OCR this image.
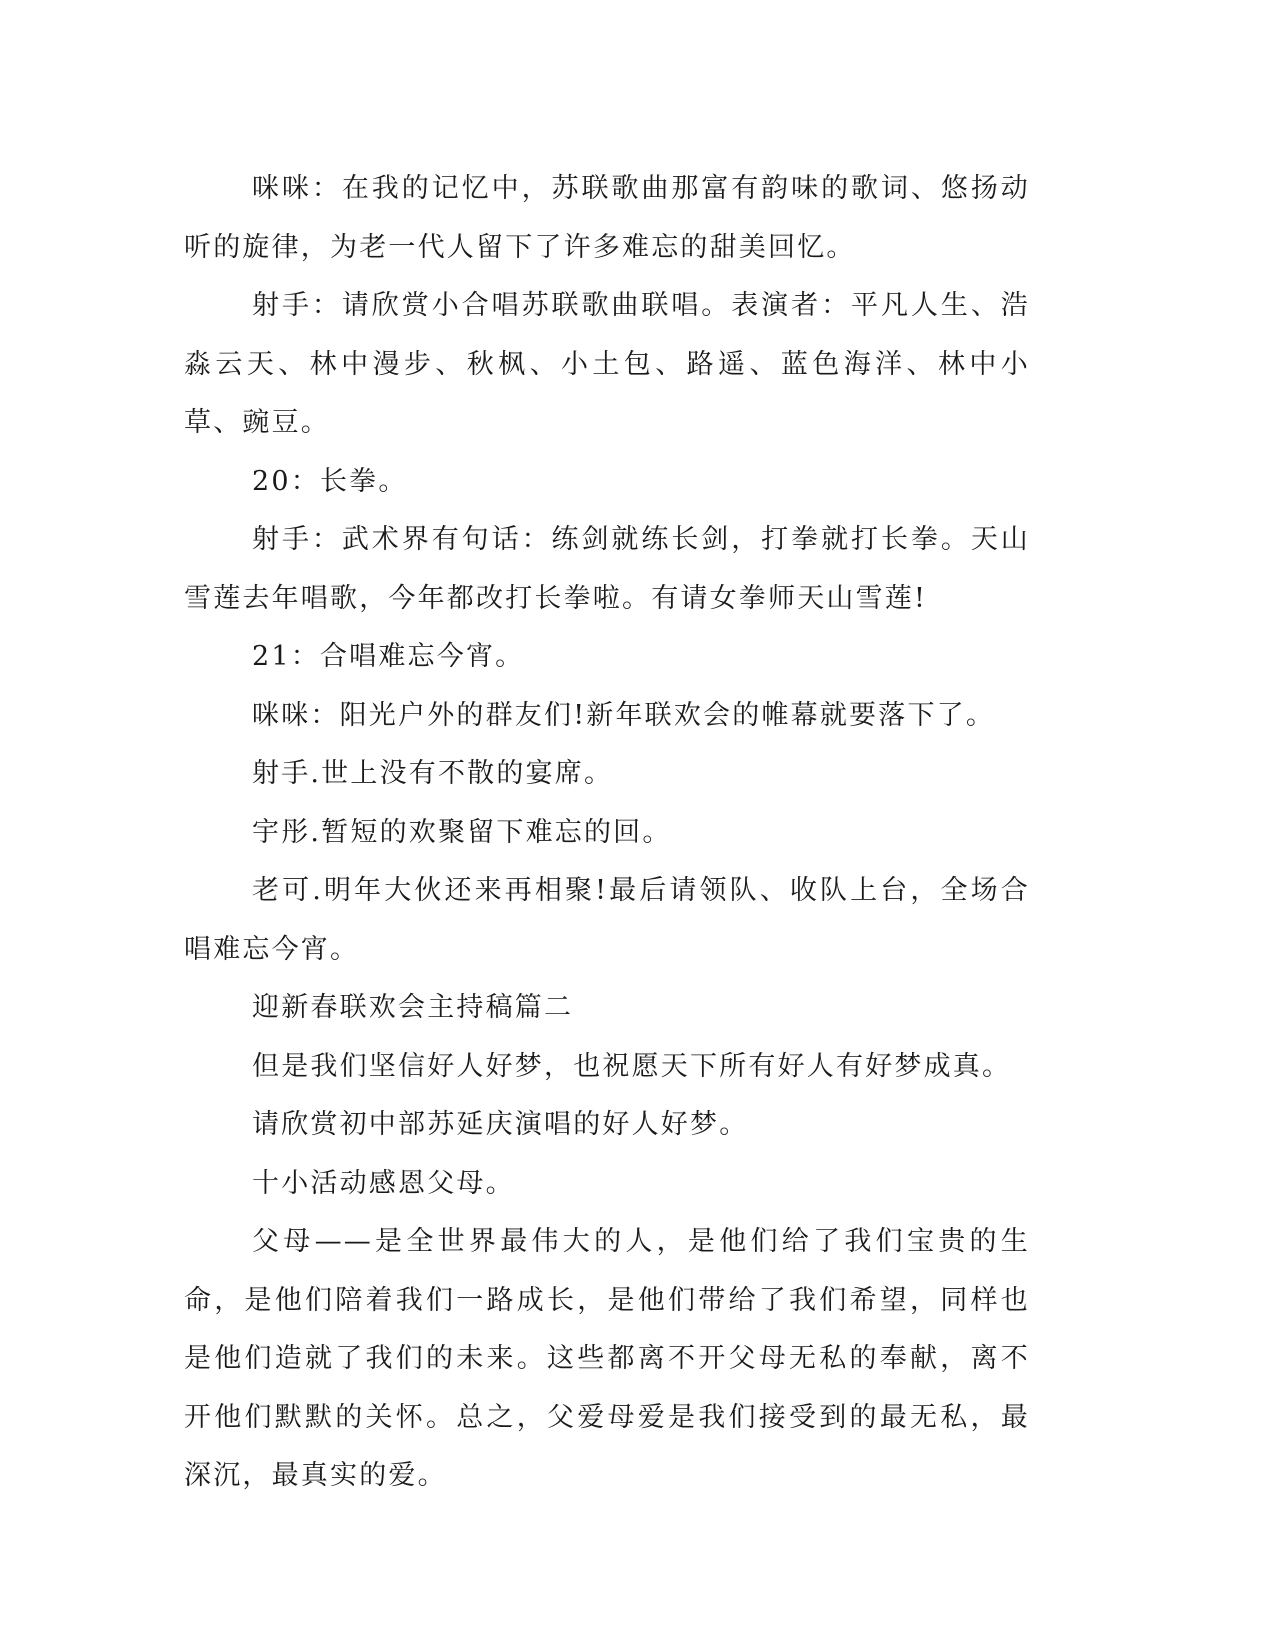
咪咪：在我的记忆中，苏联歌曲那富有韵味的歌词、悠扬动听的旋律，为老一代人留下了许多难忘的甜美回忆。

射手：请欣赏小合唱苏联歌曲联唱。表演者：平凡人生、浩淼云天、林中漫步、秋枫、小土包、路遥、蓝色海洋、林中小草、豌豆。

20：长拳。

射手：武术界有句话：练剑就练长剑，打拳就打长拳。天山雪莲去年唱歌，今年都改打长拳啦。有请女拳师天山雪莲!

21：合唱难忘今宵。

咪咪：阳光户外的群友们!新年联欢会的帷幕就要落下了。

射手.世上没有不散的宴席。

宇彤.暂短的欢聚留下难忘的回。

老可.明年大伙还来再相聚!最后请领队、收队上台，全场合唱难忘今宵。

迎新春联欢会主持稿篇二

但是我们坚信好人好梦，也祝愿天下所有好人有好梦成真。

请欣赏初中部苏延庆演唱的好人好梦。

十小活动感恩父母。

父母——是全世界最伟大的人，是他们给了我们宝贵的生命，是他们陪着我们一路成长，是他们带给了我们希望，同样也是他们造就了我们的未来。这些都离不开父母无私的奉献，离不开他们默默的关怀。总之，父爱母爱是我们接受到的最无私，最深沉，最真实的爱。
